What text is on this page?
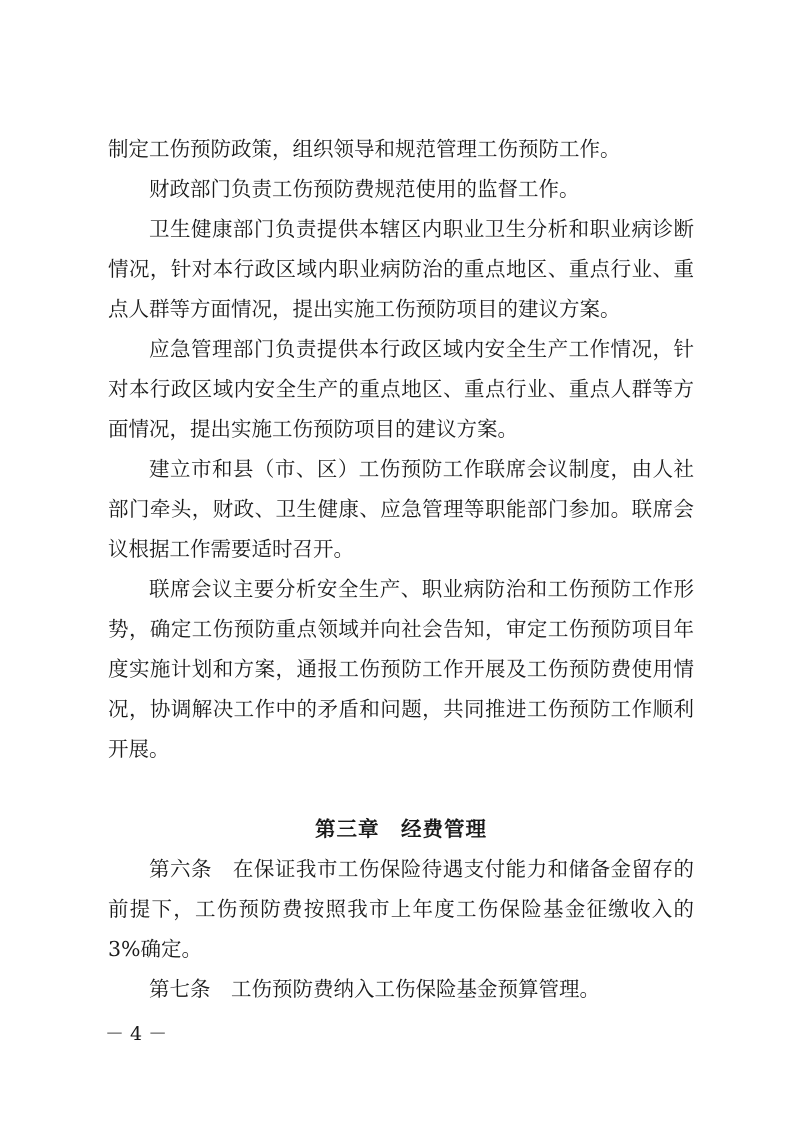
制定工伤预防政策，组织领导和规范管理工伤预防工作。

财政部门负责工伤预防费规范使用的监督工作。

卫生健康部门负责提供本辖区内职业卫生分析和职业病诊断情况，针对本行政区域内职业病防治的重点地区、重点行业、重点人群等方面情况，提出实施工伤预防项目的建议方案。

应急管理部门负责提供本行政区域内安全生产工作情况，针对本行政区域内安全生产的重点地区、重点行业、重点人群等方面情况，提出实施工伤预防项目的建议方案。

建立市和县（市、区）工伤预防工作联席会议制度，由人社部门牵头，财政、卫生健康、应急管理等职能部门参加。联席会议根据工作需要适时召开。

联席会议主要分析安全生产、职业病防治和工伤预防工作形势，确定工伤预防重点领域并向社会告知，审定工伤预防项目年度实施计划和方案，通报工伤预防工作开展及工伤预防费使用情况，协调解决工作中的矛盾和问题，共同推进工伤预防工作顺利开展。

第三章　经费管理

第六条　在保证我市工伤保险待遇支付能力和储备金留存的前提下，工伤预防费按照我市上年度工伤保险基金征缴收入的3%确定。

第七条　工伤预防费纳入工伤保险基金预算管理。

－ 4 －
